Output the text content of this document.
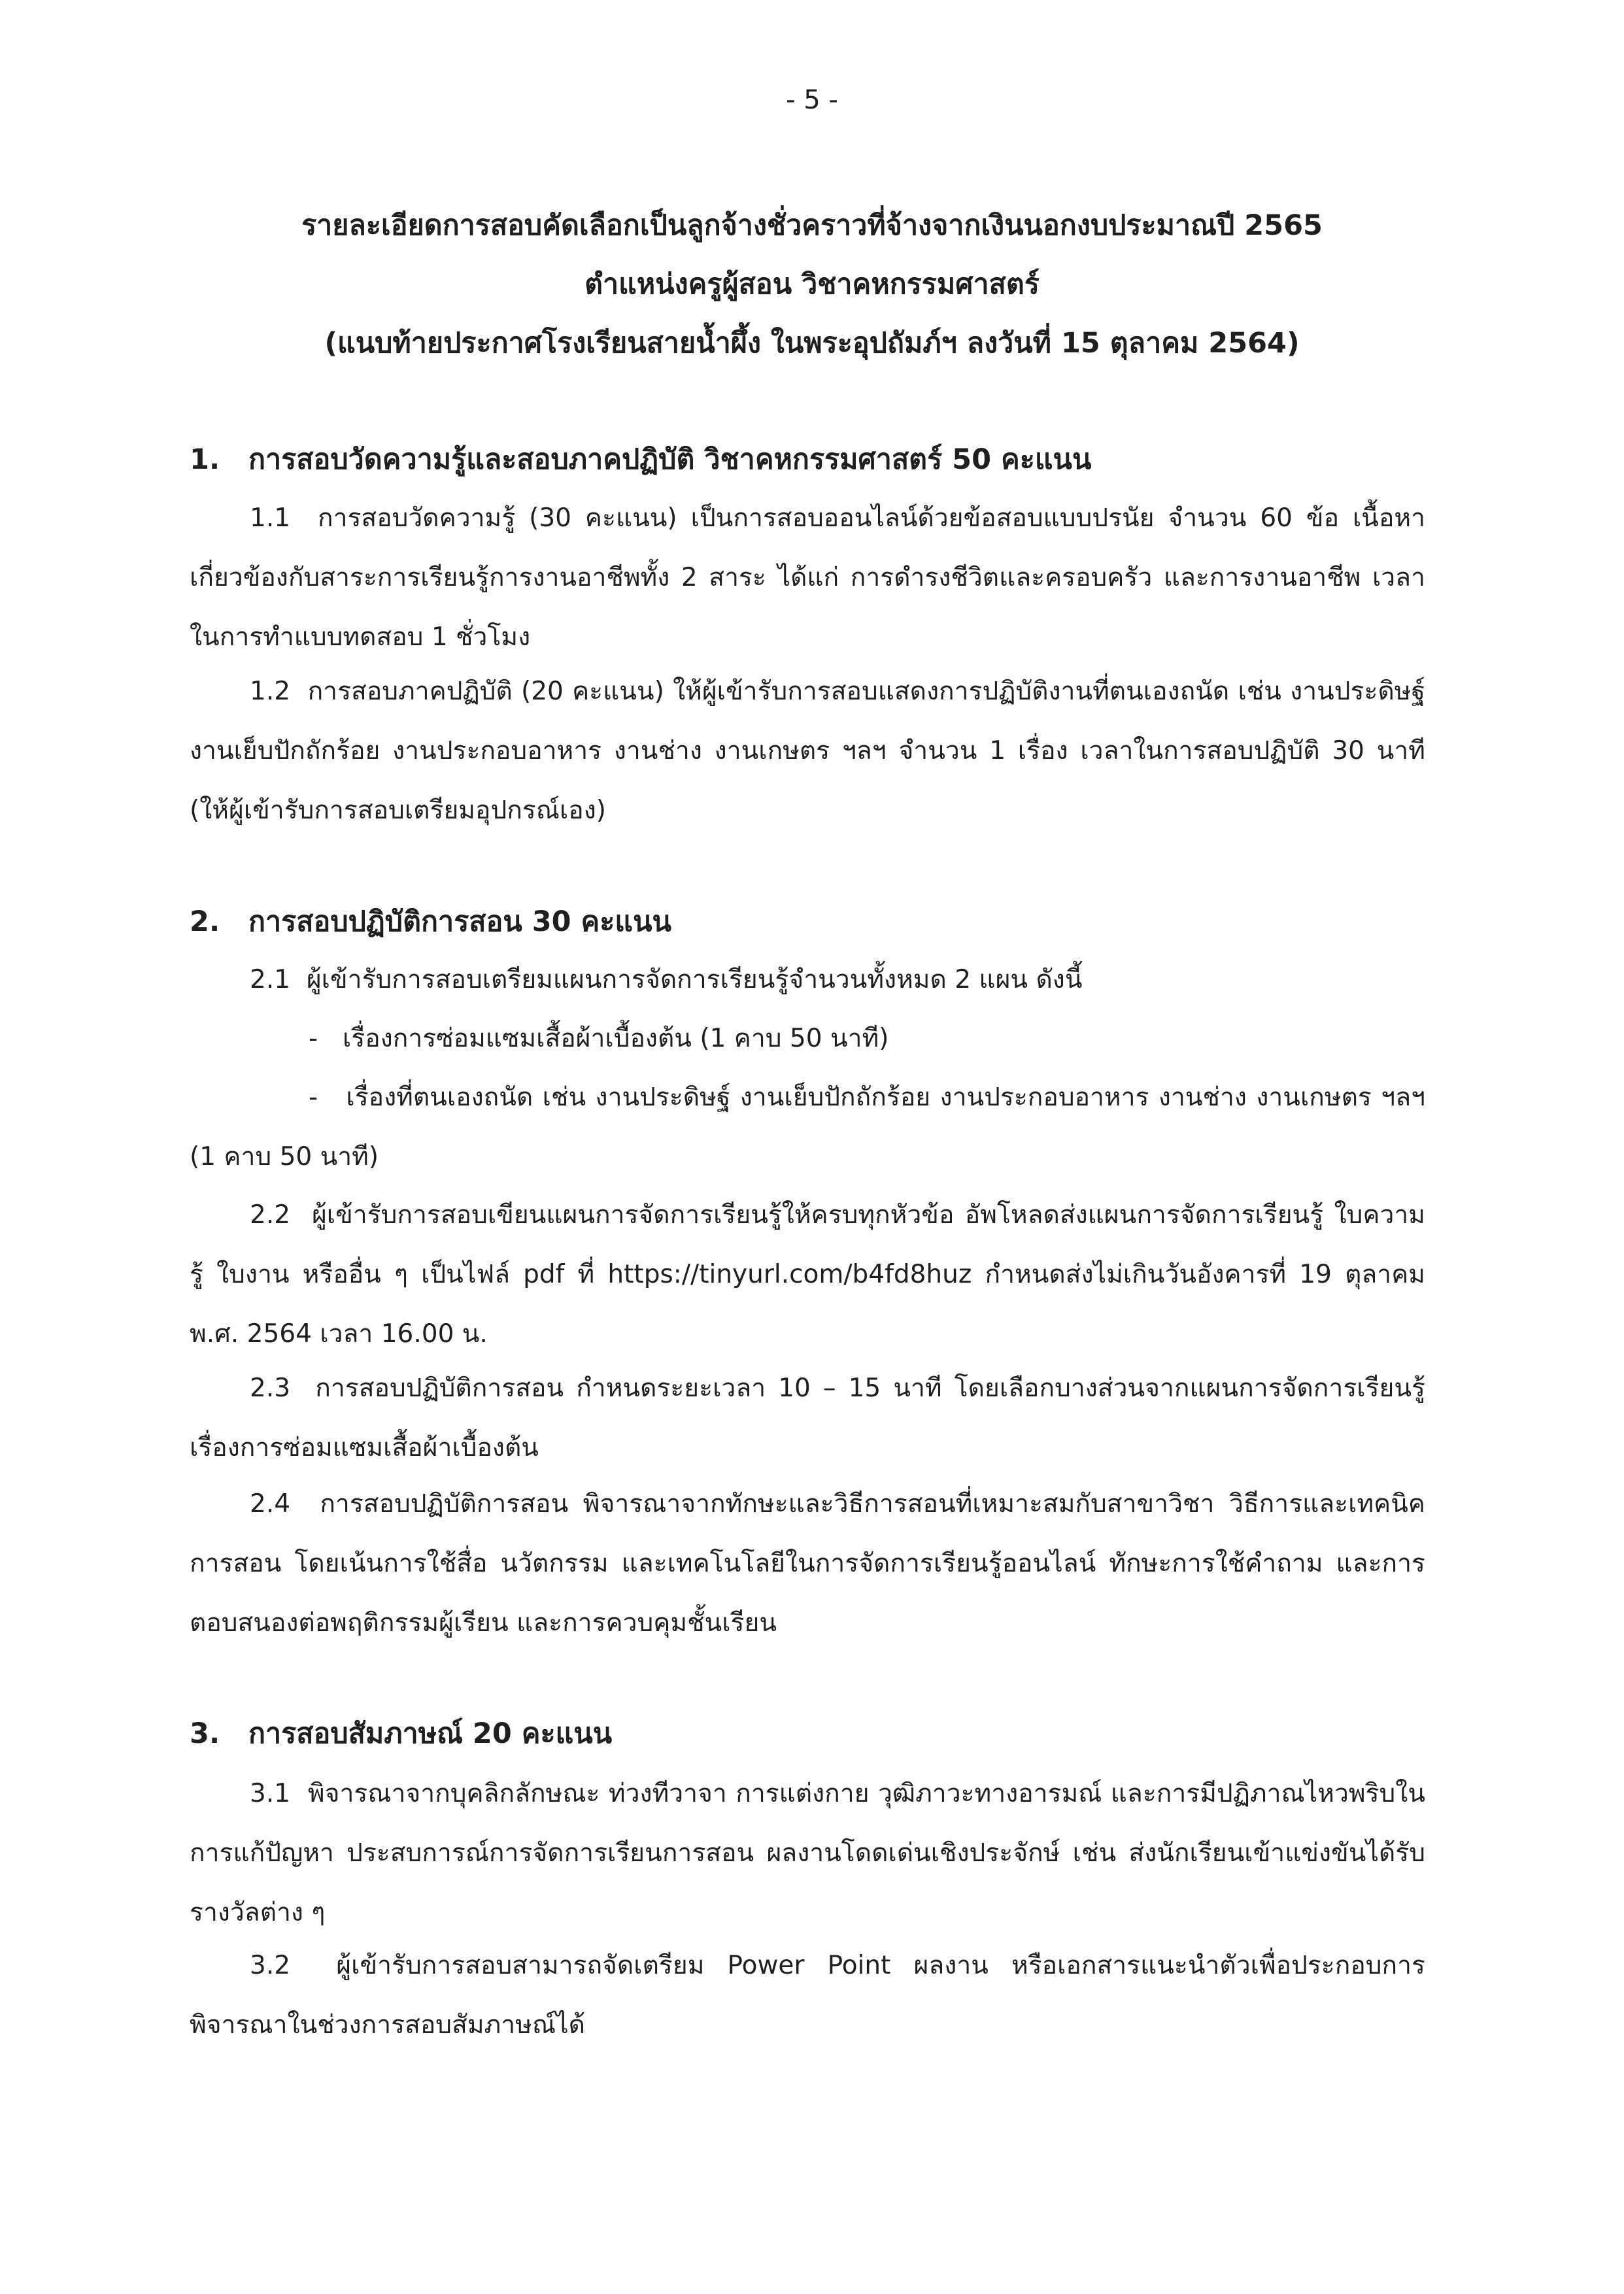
- 5 -
รายละเอียดการสอบคัดเลือกเป็นลูกจ้างชั่วคราวที่จ้างจากเงินนอกงบประมาณปี 2565
ตำแหน่งครูผู้สอน วิชาคหกรรมศาสตร์
(แนบท้ายประกาศโรงเรียนสายน้ำผึ้ง ในพระอุปถัมภ์ฯ ลงวันที่ 15 ตุลาคม 2564)
1. การสอบวัดความรู้และสอบภาคปฏิบัติ วิชาคหกรรมศาสตร์ 50 คะแนน
1.1 การสอบวัดความรู้ (30 คะแนน) เป็นการสอบออนไลน์ด้วยข้อสอบแบบปรนัย จำนวน 60 ข้อ เนื้อหาเกี่ยวข้องกับสาระการเรียนรู้การงานอาชีพทั้ง 2 สาระ ได้แก่ การดำรงชีวิตและครอบครัว และการงานอาชีพ เวลาในการทำแบบทดสอบ 1 ชั่วโมง
1.2 การสอบภาคปฏิบัติ (20 คะแนน) ให้ผู้เข้ารับการสอบแสดงการปฏิบัติงานที่ตนเองถนัด เช่น งานประดิษฐ์ งานเย็บปักถักร้อย งานประกอบอาหาร งานช่าง งานเกษตร ฯลฯ จำนวน 1 เรื่อง เวลาในการสอบปฏิบัติ 30 นาที (ให้ผู้เข้ารับการสอบเตรียมอุปกรณ์เอง)
2. การสอบปฏิบัติการสอน 30 คะแนน
2.1 ผู้เข้ารับการสอบเตรียมแผนการจัดการเรียนรู้จำนวนทั้งหมด 2 แผน ดังนี้
- เรื่องการซ่อมแซมเสื้อผ้าเบื้องต้น (1 คาบ 50 นาที)
- เรื่องที่ตนเองถนัด เช่น งานประดิษฐ์ งานเย็บปักถักร้อย งานประกอบอาหาร งานช่าง งานเกษตร ฯลฯ (1 คาบ 50 นาที)
2.2 ผู้เข้ารับการสอบเขียนแผนการจัดการเรียนรู้ให้ครบทุกหัวข้อ อัพโหลดส่งแผนการจัดการเรียนรู้ ใบความรู้ ใบงาน หรืออื่น ๆ เป็นไฟล์ pdf ที่ https://tinyurl.com/b4fd8huz กำหนดส่งไม่เกินวันอังคารที่ 19 ตุลาคม พ.ศ. 2564 เวลา 16.00 น.
2.3 การสอบปฏิบัติการสอน กำหนดระยะเวลา 10 – 15 นาที โดยเลือกบางส่วนจากแผนการจัดการเรียนรู้ เรื่องการซ่อมแซมเสื้อผ้าเบื้องต้น
2.4 การสอบปฏิบัติการสอน พิจารณาจากทักษะและวิธีการสอนที่เหมาะสมกับสาขาวิชา วิธีการและเทคนิคการสอน โดยเน้นการใช้สื่อ นวัตกรรม และเทคโนโลยีในการจัดการเรียนรู้ออนไลน์ ทักษะการใช้คำถาม และการตอบสนองต่อพฤติกรรมผู้เรียน และการควบคุมชั้นเรียน
3. การสอบสัมภาษณ์ 20 คะแนน
3.1 พิจารณาจากบุคลิกลักษณะ ท่วงทีวาจา การแต่งกาย วุฒิภาวะทางอารมณ์ และการมีปฏิภาณไหวพริบในการแก้ปัญหา ประสบการณ์การจัดการเรียนการสอน ผลงานโดดเด่นเชิงประจักษ์ เช่น ส่งนักเรียนเข้าแข่งขันได้รับรางวัลต่าง ๆ
3.2 ผู้เข้ารับการสอบสามารถจัดเตรียม Power Point ผลงาน หรือเอกสารแนะนำตัวเพื่อประกอบการพิจารณาในช่วงการสอบสัมภาษณ์ได้
